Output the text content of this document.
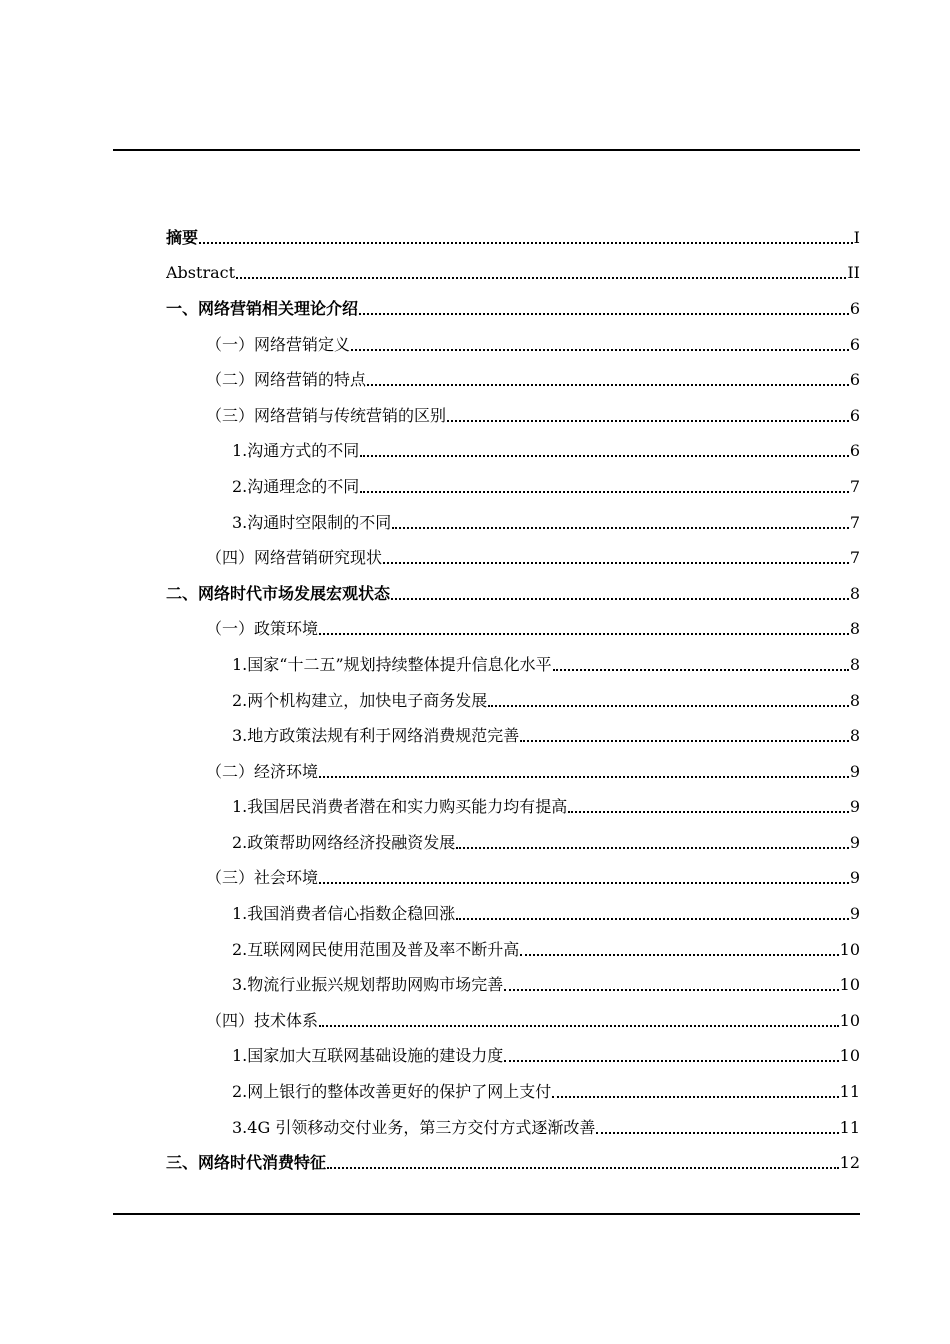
摘要	I
Abstract	II
一、网络营销相关理论介绍	6
（一）网络营销定义	6
（二）网络营销的特点	6
（三）网络营销与传统营销的区别	6
1.沟通方式的不同	6
2.沟通理念的不同	7
3.沟通时空限制的不同	7
（四）网络营销研究现状	7
二、网络时代市场发展宏观状态	8
（一）政策环境	8
1.国家“十二五”规划持续整体提升信息化水平	8
2.两个机构建立，加快电子商务发展	8
3.地方政策法规有利于网络消费规范完善	8
（二）经济环境	9
1.我国居民消费者潜在和实力购买能力均有提高	9
2.政策帮助网络经济投融资发展	9
（三）社会环境	9
1.我国消费者信心指数企稳回涨	9
2.互联网网民使用范围及普及率不断升高	10
3.物流行业振兴规划帮助网购市场完善	10
（四）技术体系	10
1.国家加大互联网基础设施的建设力度	10
2.网上银行的整体改善更好的保护了网上支付	11
3.4G 引领移动交付业务，第三方交付方式逐渐改善	11
三、网络时代消费特征	12
